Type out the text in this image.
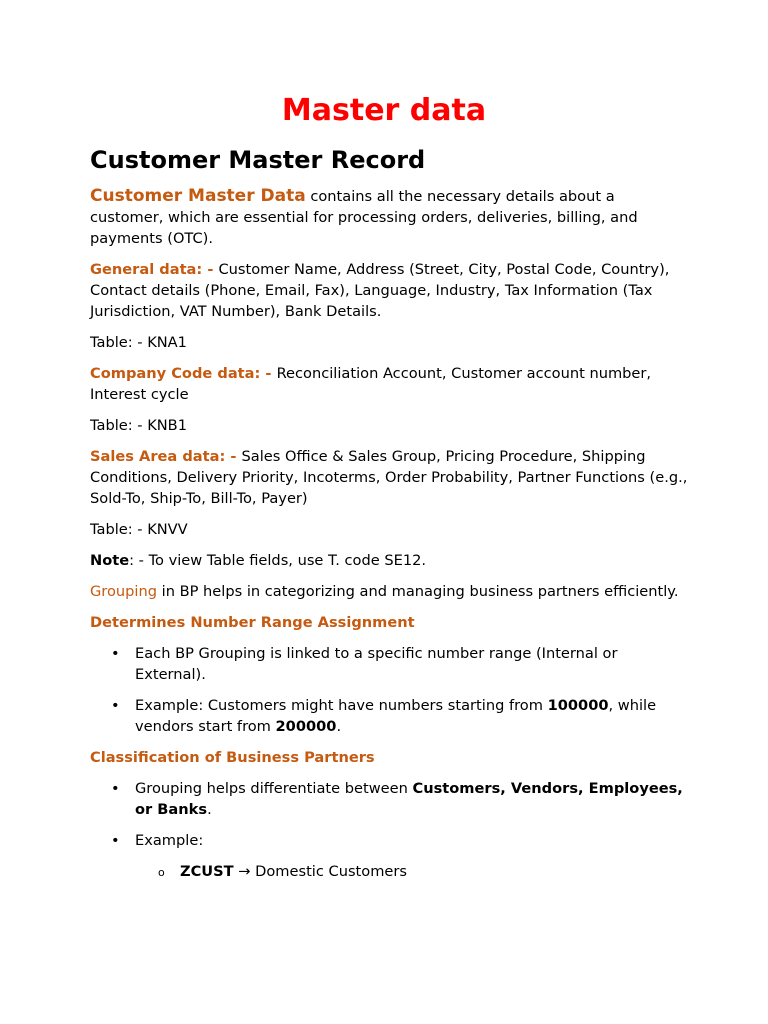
Master data
Customer Master Record

Customer Master Data contains all the necessary details about a customer, which are essential for processing orders, deliveries, billing, and payments (OTC).

General data: - Customer Name, Address (Street, City, Postal Code, Country), Contact details (Phone, Email, Fax), Language, Industry, Tax Information (Tax Jurisdiction, VAT Number), Bank Details.

Table: - KNA1

Company Code data: - Reconciliation Account, Customer account number, Interest cycle

Table: - KNB1

Sales Area data: - Sales Office & Sales Group, Pricing Procedure, Shipping Conditions, Delivery Priority, Incoterms, Order Probability, Partner Functions (e.g., Sold-To, Ship-To, Bill-To, Payer)

Table: - KNVV

Note: - To view Table fields, use T. code SE12.

Grouping in BP helps in categorizing and managing business partners efficiently.

Determines Number Range Assignment
• Each BP Grouping is linked to a specific number range (Internal or External).
• Example: Customers might have numbers starting from 100000, while vendors start from 200000.
Classification of Business Partners
• Grouping helps differentiate between Customers, Vendors, Employees, or Banks.
• Example:
o ZCUST → Domestic Customers
